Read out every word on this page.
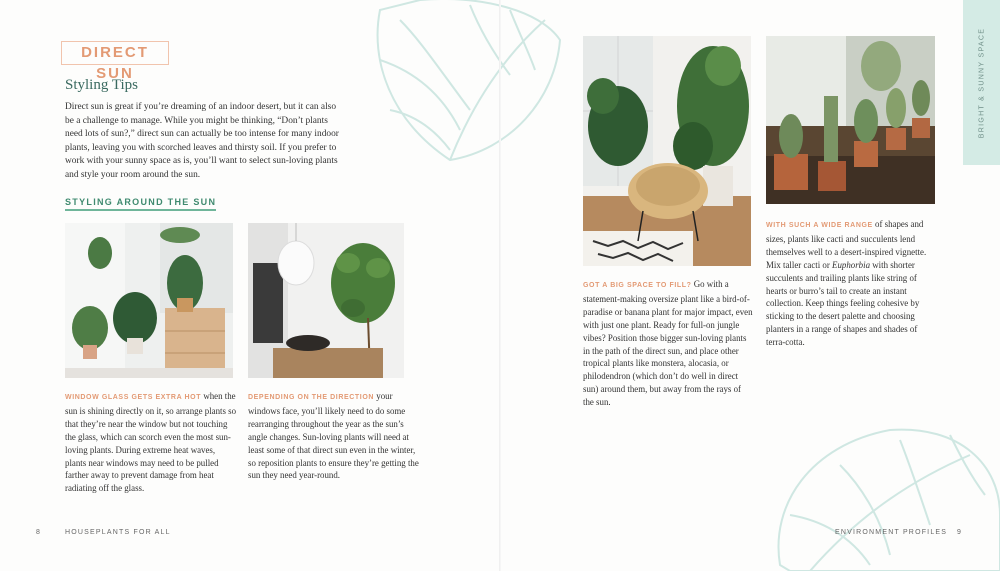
DIRECT SUN
Styling Tips

Direct sun is great if you’re dreaming of an indoor desert, but it can also be a challenge to manage. While you might be thinking, “Don’t plants need lots of sun?,” direct sun can actually be too intense for many indoor plants, leaving you with scorched leaves and thirsty soil. If you prefer to work with your sunny space as is, you’ll want to select sun-loving plants and style your room around the sun.

STYLING AROUND THE SUN
WINDOW GLASS GETS EXTRA HOT when the sun is shining directly on it, so arrange plants so that they’re near the window but not touching the glass, which can scorch even the most sun-loving plants. During extreme heat waves, plants near windows may need to be pulled farther away to prevent damage from heat radiating off the glass.
DEPENDING ON THE DIRECTION your windows face, you’ll likely need to do some rearranging throughout the year as the sun’s angle changes. Sun-loving plants will need at least some of that direct sun even in the winter, so reposition plants to ensure they’re getting the sun they need year-round.
8	HOUSEPLANTS FOR ALL
GOT A BIG SPACE TO FILL? Go with a statement-making oversize plant like a bird-of-paradise or banana plant for major impact, even with just one plant. Ready for full-on jungle vibes? Position those bigger sun-loving plants in the path of the direct sun, and place other tropical plants like monstera, alocasia, or philodendron (which don’t do well in direct sun) around them, but away from the rays of the sun.
WITH SUCH A WIDE RANGE of shapes and sizes, plants like cacti and succulents lend themselves well to a desert-inspired vignette. Mix taller cacti or Euphorbia with shorter succulents and trailing plants like string of hearts or burro’s tail to create an instant collection. Keep things feeling cohesive by sticking to the desert palette and choosing planters in a range of shapes and shades of terra-cotta.
BRIGHT & SUNNY SPACE
ENVIRONMENT PROFILES 9
